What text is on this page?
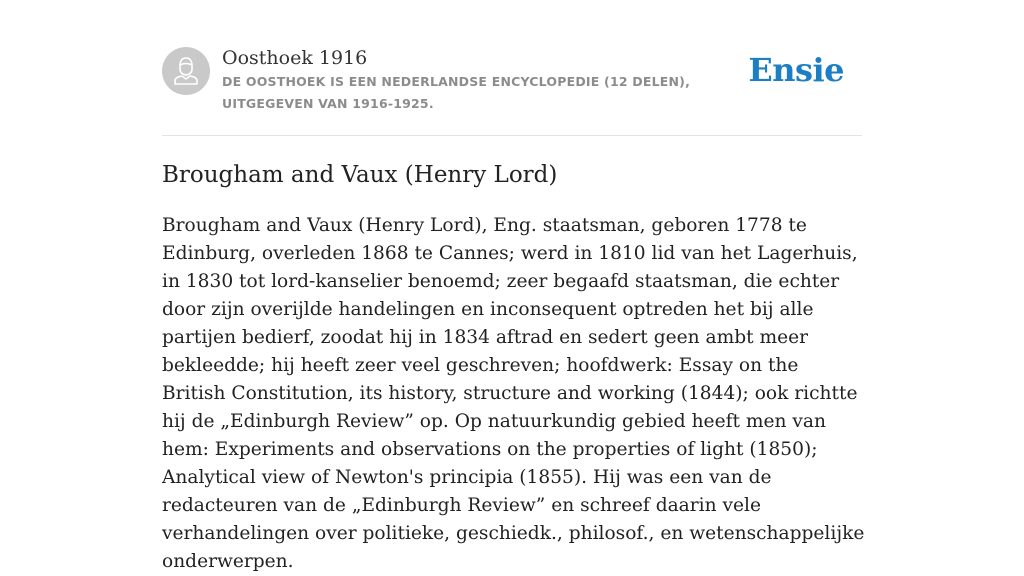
Oosthoek 1916
DE OOSTHOEK IS EEN NEDERLANDSE ENCYCLOPEDIE (12 DELEN), UITGEGEVEN VAN 1916-1925.
Ensie
Brougham and Vaux (Henry Lord)

Brougham and Vaux (Henry Lord), Eng. staatsman, geboren 1778 te Edinburg, overleden 1868 te Cannes; werd in 1810 lid van het Lagerhuis, in 1830 tot lord-kanselier benoemd; zeer begaafd staatsman, die echter door zijn overijlde handelingen en inconsequent optreden het bij alle partijen bedierf, zoodat hij in 1834 aftrad en sedert geen ambt meer bekleedde; hij heeft zeer veel geschreven; hoofdwerk: Essay on the British Constitution, its history, structure and working (1844); ook richtte hij de „Edinburgh Review” op. Op natuurkundig gebied heeft men van hem: Experiments and observations on the properties of light (1850); Analytical view of Newton's principia (1855). Hij was een van de redacteuren van de „Edinburgh Review” en schreef daarin vele verhandelingen over politieke, geschiedk., philosof., en wetenschappelijke onderwerpen.
